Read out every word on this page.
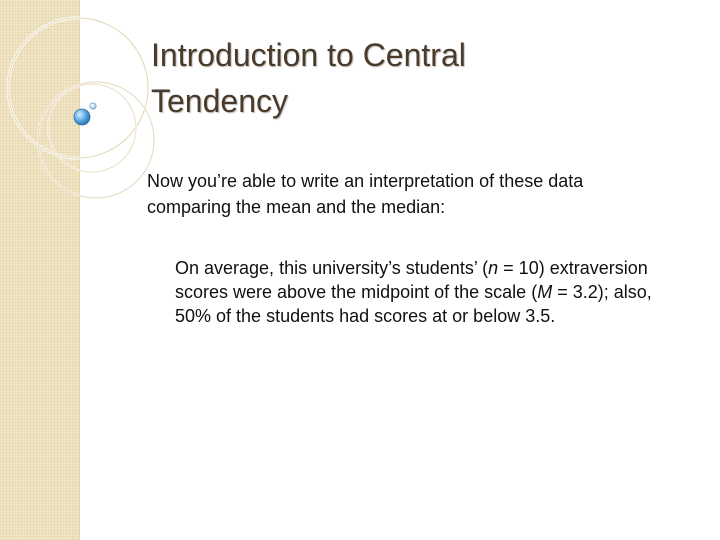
Introduction to Central
Tendency

Now you’re able to write an interpretation of these data
comparing the mean and the median:

On average, this university’s students’ (n = 10) extraversion scores were above the midpoint of the scale (M = 3.2); also, 50% of the students had scores at or below 3.5.
